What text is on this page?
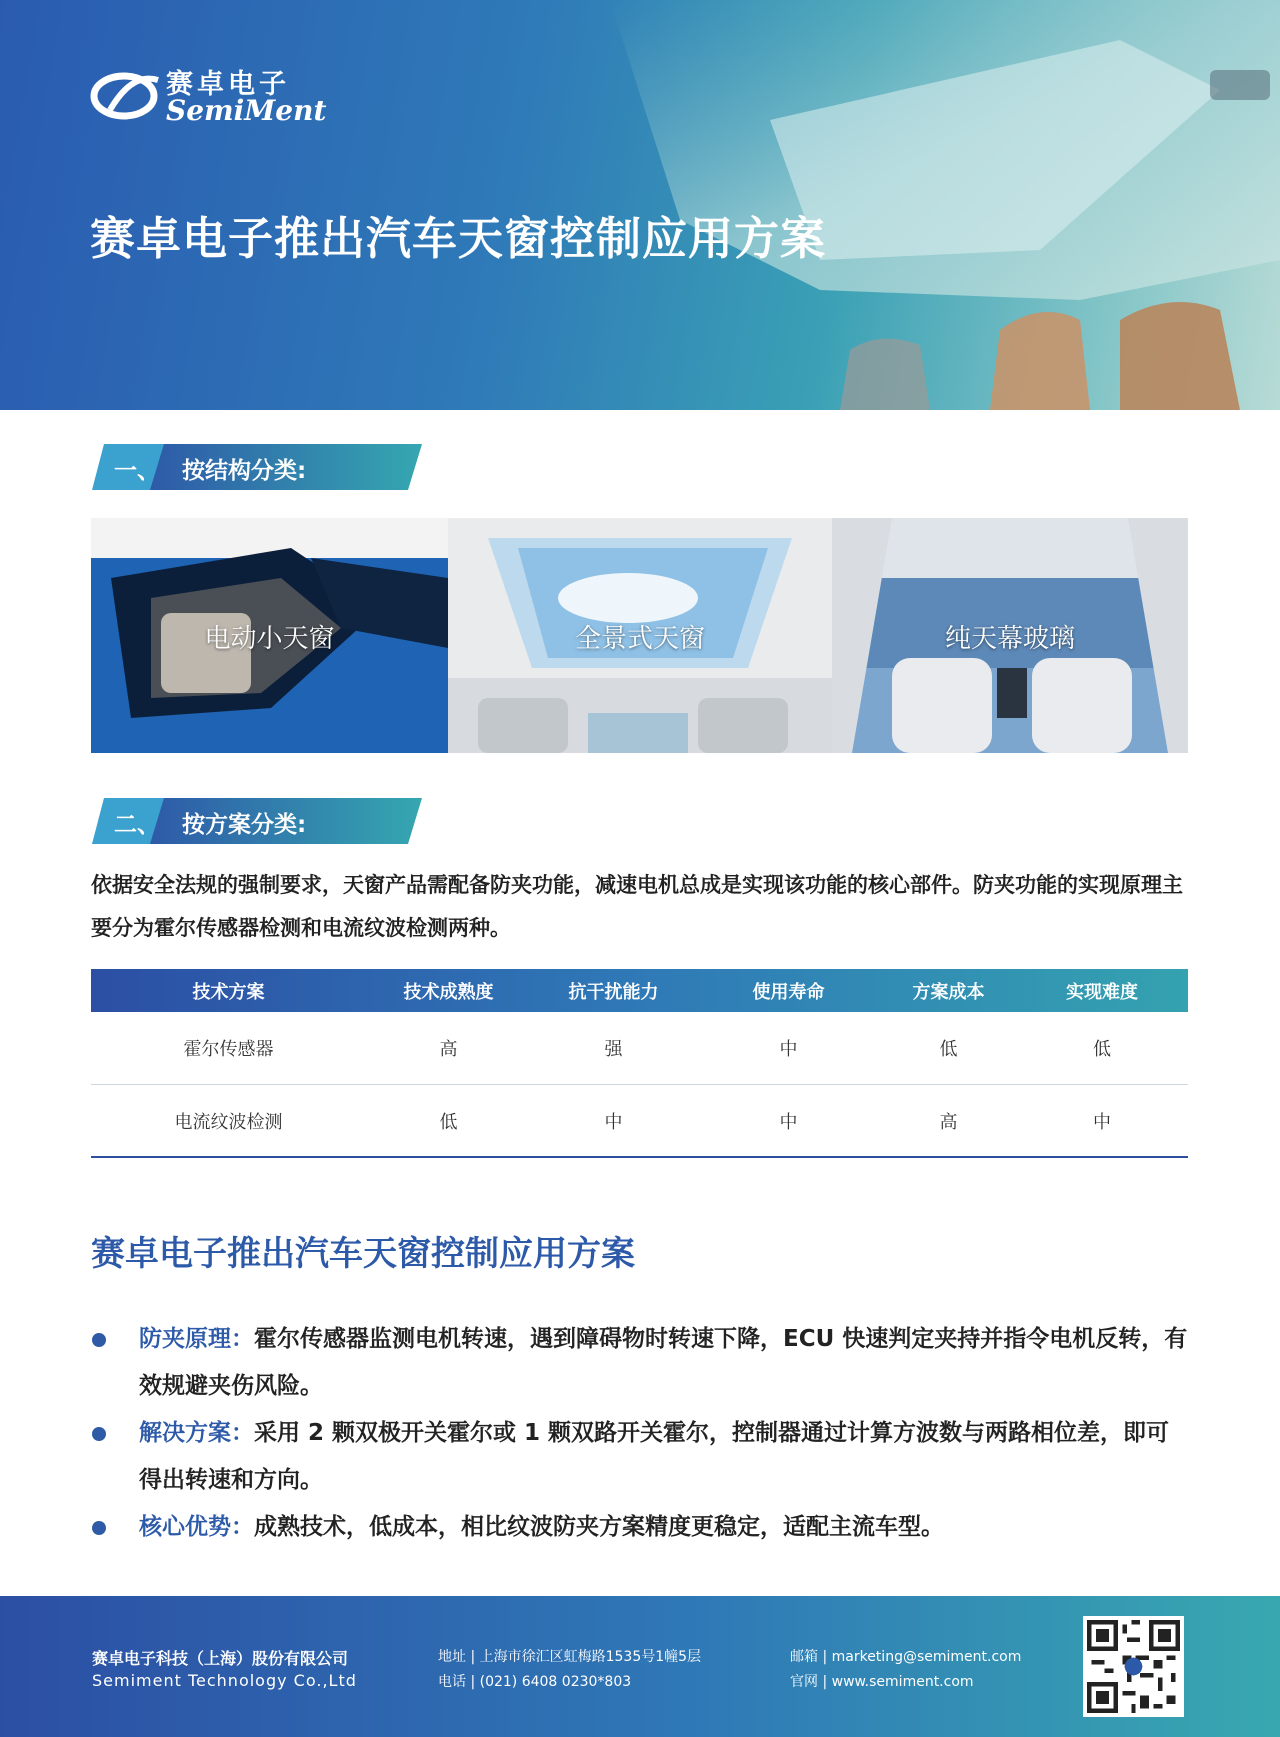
赛卓电子
SemiMent
赛卓电子推出汽车天窗控制应用方案
一、 按结构分类:
电动小天窗	全景式天窗	纯天幕玻璃
二、 按方案分类:
依据安全法规的强制要求，天窗产品需配备防夹功能，减速电机总成是实现该功能的核心部件。防夹功能的实现原理主要分为霍尔传感器检测和电流纹波检测两种。
技术方案	技术成熟度	抗干扰能力	使用寿命	方案成本	实现难度
霍尔传感器	高	强	中	低	低
电流纹波检测	低	中	中	高	中
赛卓电子推出汽车天窗控制应用方案
防夹原理：霍尔传感器监测电机转速，遇到障碍物时转速下降，ECU 快速判定夹持并指令电机反转，有效规避夹伤风险。
解决方案：采用 2 颗双极开关霍尔或 1 颗双路开关霍尔，控制器通过计算方波数与两路相位差，即可得出转速和方向。
核心优势：成熟技术，低成本，相比纹波防夹方案精度更稳定，适配主流车型。
赛卓电子科技（上海）股份有限公司
Semiment Technology Co.,Ltd
地址 | 上海市徐汇区虹梅路1535号1幢5层
电话 | (021) 6408 0230*803
邮箱 | marketing@semiment.com
官网 | www.semiment.com
